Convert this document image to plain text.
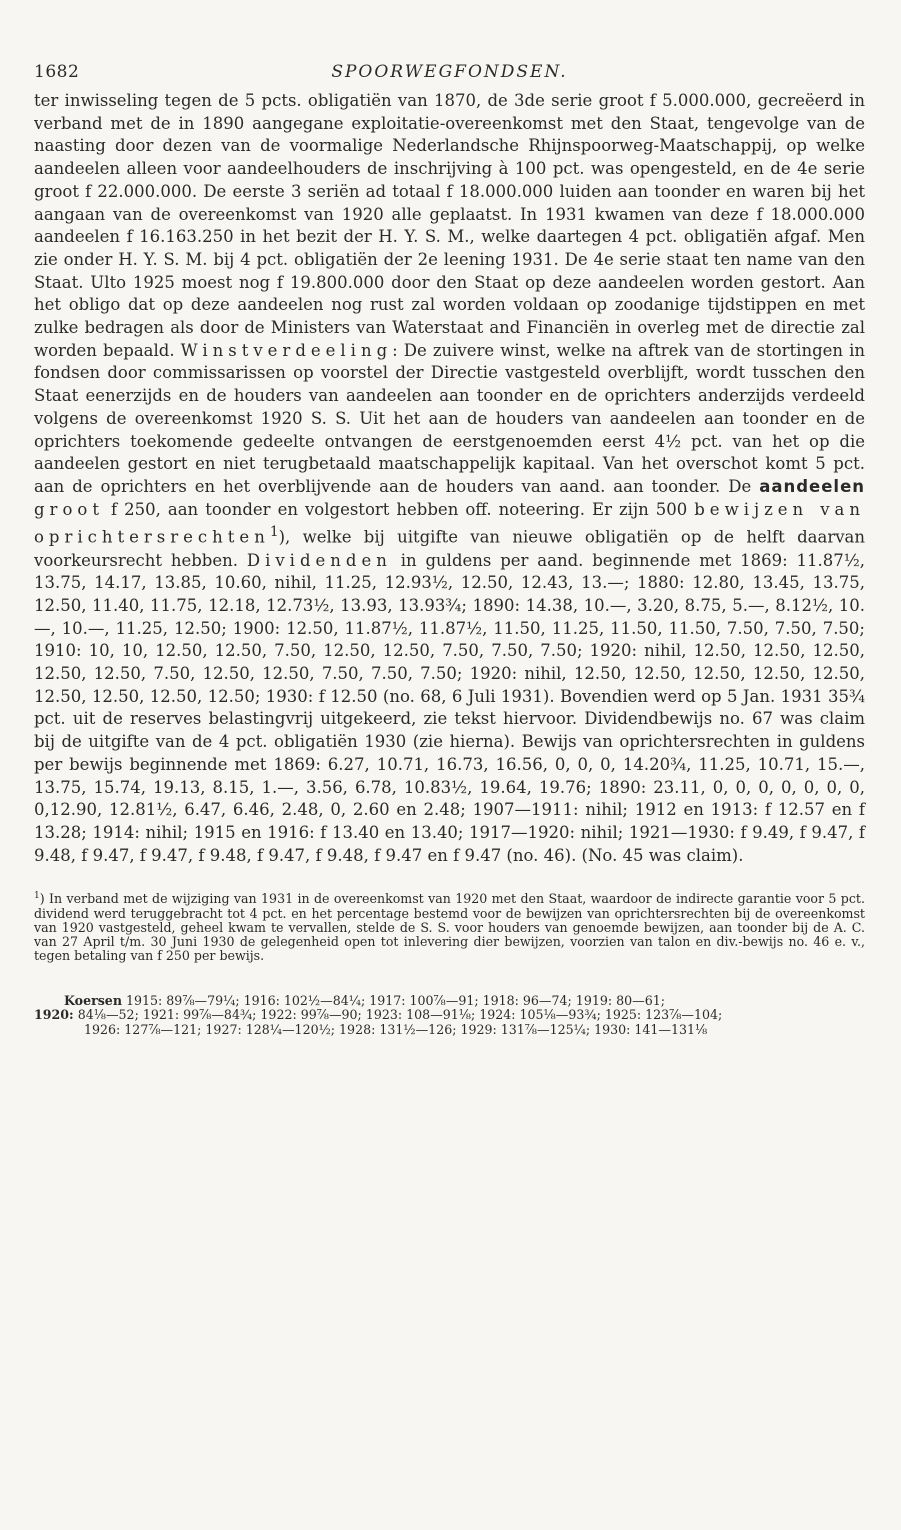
1682	SPOORWEGFONDSEN.

ter inwisseling tegen de 5 pcts. obligatiën van 1870, de 3de serie groot f 5.000.000, gecreëerd in verband met de in 1890 aangegane exploitatie-overeenkomst met den Staat, tengevolge van de naasting door dezen van de voormalige Nederlandsche Rhijnspoorweg-Maatschappij, op welke aandeelen alleen voor aandeelhouders de inschrijving à 100 pct. was opengesteld, en de 4e serie groot f 22.000.000. De eerste 3 seriën ad totaal f 18.000.000 luiden aan toonder en waren bij het aangaan van de overeenkomst van 1920 alle geplaatst. In 1931 kwamen van deze f 18.000.000 aandeelen f 16.163.250 in het bezit der H. Y. S. M., welke daartegen 4 pct. obligatiën afgaf. Men zie onder H. Y. S. M. bij 4 pct. obligatiën der 2e leening 1931. De 4e serie staat ten name van den Staat. Ulto 1925 moest nog f 19.800.000 door den Staat op deze aandeelen worden gestort. Aan het obligo dat op deze aandeelen nog rust zal worden voldaan op zoodanige tijdstippen en met zulke bedragen als door de Ministers van Waterstaat and Financiën in overleg met de directie zal worden bepaald. Winstverdeeling: De zuivere winst, welke na aftrek van de stortingen in fondsen door commissarissen op voorstel der Directie vastgesteld overblijft, wordt tusschen den Staat eenerzijds en de houders van aandeelen aan toonder en de oprichters anderzijds verdeeld volgens de overeenkomst 1920 S. S. Uit het aan de houders van aandeelen aan toonder en de oprichters toekomende gedeelte ontvangen de eerstgenoemden eerst 4½ pct. van het op die aandeelen gestort en niet terugbetaald maatschappelijk kapitaal. Van het overschot komt 5 pct. aan de oprichters en het overblijvende aan de houders van aand. aan toonder. De aandeelen groot f 250, aan toonder en volgestort hebben off. noteering. Er zijn 500 bewijzen van oprichtersrechten$^1$), welke bij uitgifte van nieuwe obligatiën op de helft daarvan voorkeursrecht hebben. Dividenden in guldens per aand. beginnende met 1869: 11.87½, 13.75, 14.17, 13.85, 10.60, nihil, 11.25, 12.93½, 12.50, 12.43, 13.—; 1880: 12.80, 13.45, 13.75, 12.50, 11.40, 11.75, 12.18, 12.73½, 13.93, 13.93¾; 1890: 14.38, 10.—, 3.20, 8.75, 5.—, 8.12½, 10.—, 10.—, 11.25, 12.50; 1900: 12.50, 11.87½, 11.87½, 11.50, 11.25, 11.50, 11.50, 7.50, 7.50, 7.50; 1910: 10, 10, 12.50, 12.50, 7.50, 12.50, 12.50, 7.50, 7.50, 7.50; 1920: nihil, 12.50, 12.50, 12.50, 12.50, 12.50, 7.50, 12.50, 12.50, 7.50, 7.50, 7.50; 1920: nihil, 12.50, 12.50, 12.50, 12.50, 12.50, 12.50, 12.50, 12.50, 12.50; 1930: f 12.50 (no. 68, 6 Juli 1931). Bovendien werd op 5 Jan. 1931 35¾ pct. uit de reserves belastingvrij uitgekeerd, zie tekst hiervoor. Dividendbewijs no. 67 was claim bij de uitgifte van de 4 pct. obligatiën 1930 (zie hierna). Bewijs van oprichtersrechten in guldens per bewijs beginnende met 1869: 6.27, 10.71, 16.73, 16.56, 0, 0, 0, 14.20¾, 11.25, 10.71, 15.—, 13.75, 15.74, 19.13, 8.15, 1.—, 3.56, 6.78, 10.83½, 19.64, 19.76; 1890: 23.11, 0, 0, 0, 0, 0, 0, 0, 0,12.90, 12.81½, 6.47, 6.46, 2.48, 0, 2.60 en 2.48; 1907—1911: nihil; 1912 en 1913: f 12.57 en f 13.28; 1914: nihil; 1915 en 1916: f 13.40 en 13.40; 1917—1920: nihil; 1921—1930: f 9.49, f 9.47, f 9.48, f 9.47, f 9.47, f 9.48, f 9.47, f 9.48, f 9.47 en f 9.47 (no. 46). (No. 45 was claim).

$^1$) In verband met de wijziging van 1931 in de overeenkomst van 1920 met den Staat, waardoor de indirecte garantie voor 5 pct. dividend werd teruggebracht tot 4 pct. en het percentage bestemd voor de bewijzen van oprichtersrechten bij de overeenkomst van 1920 vastgesteld, geheel kwam te vervallen, stelde de S. S. voor houders van genoemde bewijzen, aan toonder bij de A. C. van 27 April t/m. 30 Juni 1930 de gelegenheid open tot inlevering dier bewijzen, voorzien van talon en div.-bewijs no. 46 e. v., tegen betaling van f 250 per bewijs.
Koersen 1915: 89⅞—79¼; 1916: 102½—84¼; 1917: 100⅞—91; 1918: 96—74; 1919: 80—61;
1920: 84⅛—52; 1921: 99⅞—84¾; 1922: 99⅞—90; 1923: 108—91⅛; 1924: 105⅛—93¾; 1925: 123⅞—104;
1926: 127⅞—121; 1927: 128¼—120½; 1928: 131½—126; 1929: 131⅞—125¼; 1930: 141—131⅛
